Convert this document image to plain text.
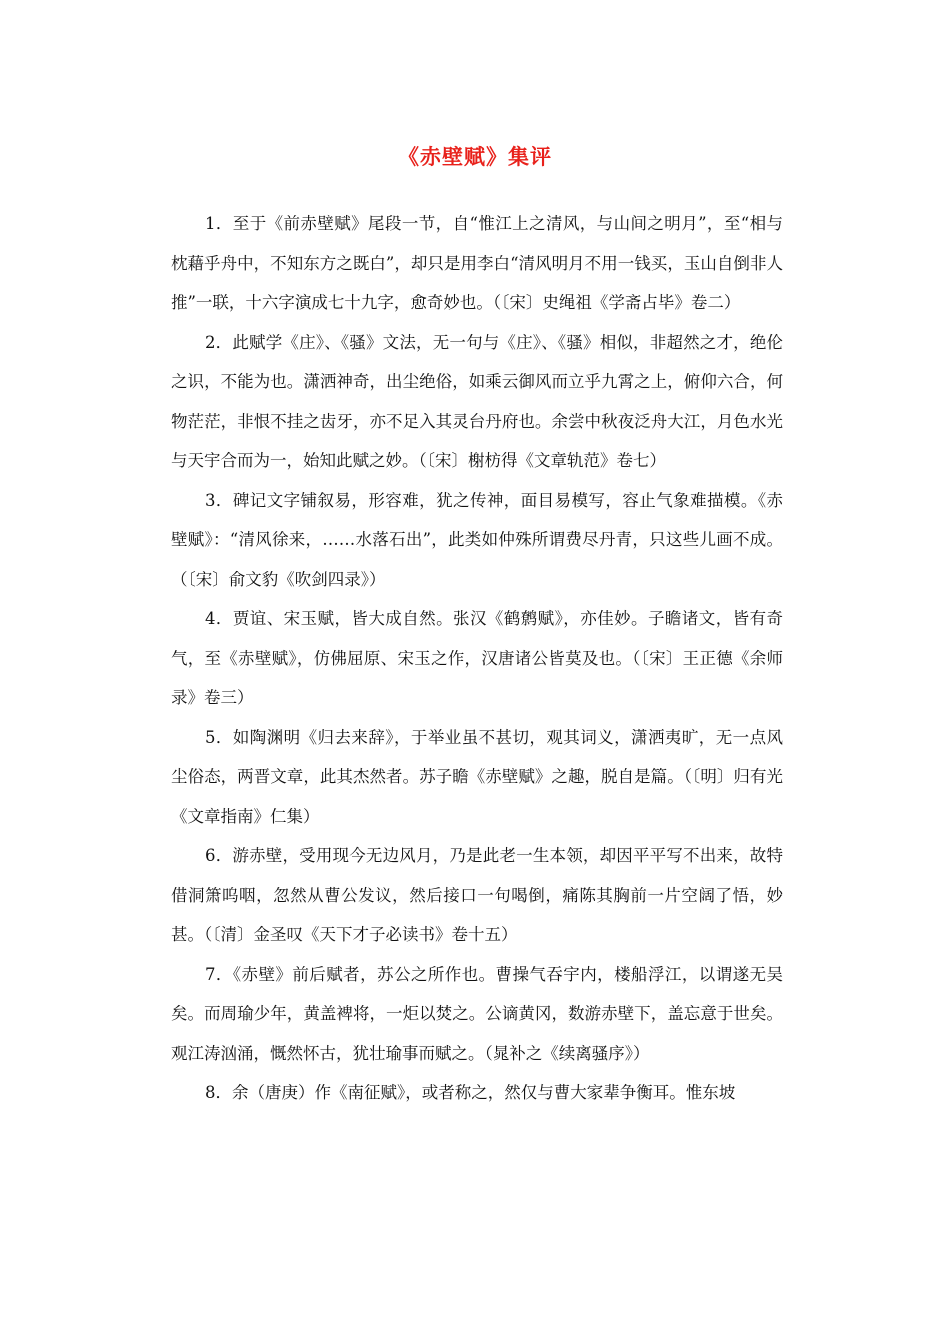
《赤壁赋》集评

1．至于《前赤壁赋》尾段一节，自“惟江上之清风，与山间之明月”，至“相与枕藉乎舟中，不知东方之既白”，却只是用李白“清风明月不用一钱买，玉山自倒非人推”一联，十六字演成七十九字，愈奇妙也。（〔宋〕史绳祖《学斋占毕》卷二）

2．此赋学《庄》、《骚》文法，无一句与《庄》、《骚》相似，非超然之才，绝伦之识，不能为也。潇洒神奇，出尘绝俗，如乘云御风而立乎九霄之上，俯仰六合，何物茫茫，非恨不挂之齿牙，亦不足入其灵台丹府也。余尝中秋夜泛舟大江，月色水光与天宇合而为一，始知此赋之妙。（〔宋〕榭枋得《文章轨范》卷七）

3．碑记文字铺叙易，形容难，犹之传神，面目易模写，容止气象难描模。《赤壁赋》：“清风徐来，……水落石出”，此类如仲殊所谓费尽丹青，只这些儿画不成。（〔宋〕俞文豹《吹剑四录》）

4．贾谊、宋玉赋，皆大成自然。张汉《鹤鹩赋》，亦佳妙。子瞻诸文，皆有奇气，至《赤壁赋》，仿佛屈原、宋玉之作，汉唐诸公皆莫及也。（〔宋〕王正德《余师录》卷三）

5．如陶渊明《归去来辞》，于举业虽不甚切，观其词义，潇洒夷旷，无一点风尘俗态，两晋文章，此其杰然者。苏子瞻《赤壁赋》之趣，脱自是篇。（〔明〕归有光《文章指南》仁集）

6．游赤壁，受用现今无边风月，乃是此老一生本领，却因平平写不出来，故特借洞箫呜咽，忽然从曹公发议，然后接口一句喝倒，痛陈其胸前一片空阔了悟，妙甚。（〔清〕金圣叹《天下才子必读书》卷十五）

7．《赤壁》前后赋者，苏公之所作也。曹操气吞宇内，楼船浮江，以谓遂无吴矣。而周瑜少年，黄盖裨将，一炬以焚之。公谪黄冈，数游赤壁下，盖忘意于世矣。观江涛汹涌，慨然怀古，犹壮瑜事而赋之。（晁补之《续离骚序》）

8．余（唐庚）作《南征赋》，或者称之，然仅与曹大家辈争衡耳。惟东坡
